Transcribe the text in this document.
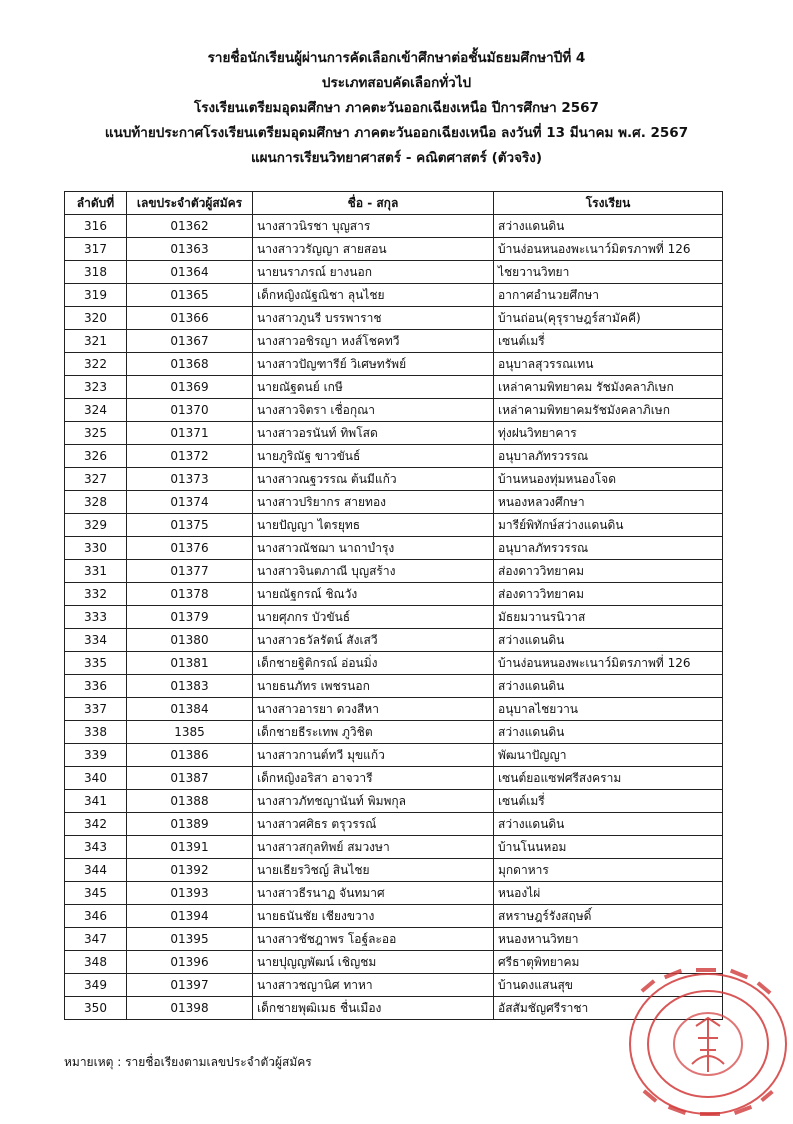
รายชื่อนักเรียนผู้ผ่านการคัดเลือกเข้าศึกษาต่อชั้นมัธยมศึกษาปีที่ 4
ประเภทสอบคัดเลือกทั่วไป
โรงเรียนเตรียมอุดมศึกษา ภาคตะวันออกเฉียงเหนือ ปีการศึกษา 2567
แนบท้ายประกาศโรงเรียนเตรียมอุดมศึกษา ภาคตะวันออกเฉียงเหนือ ลงวันที่ 13 มีนาคม พ.ศ. 2567
แผนการเรียนวิทยาศาสตร์ - คณิตศาสตร์ (ตัวจริง)
ลำดับที่	เลขประจำตัวผู้สมัคร	ชื่อ - สกุล	โรงเรียน
316	01362	นางสาวนิรชา บุญสาร	สว่างแดนดิน
317	01363	นางสาววรัญญา สายสอน	บ้านง่อนหนองพะเนาว์มิตรภาพที่ 126
318	01364	นายนราภรณ์ ยางนอก	ไชยวานวิทยา
319	01365	เด็กหญิงณัฐณิชา ลุนไชย	อากาศอำนวยศึกษา
320	01366	นางสาวภูนรี บรรพาราช	บ้านถ่อน(คุรุราษฎร์สามัคคี)
321	01367	นางสาวอชิรญา หงส์โชคทวี	เซนต์เมรี่
322	01368	นางสาวปัญฑารีย์ วิเศษทรัพย์	อนุบาลสุวรรณเทน
323	01369	นายณัฐดนย์ เกษี	เหล่าคามพิทยาคม รัชมังคลาภิเษก
324	01370	นางสาวจิตรา เชื่อกุณา	เหล่าคามพิทยาคมรัชมังคลาภิเษก
325	01371	นางสาวอรนันท์ ทิพโสด	ทุ่งฝนวิทยาคาร
326	01372	นายภูริณัฐ ขาวขันธ์	อนุบาลภัทรวรรณ
327	01373	นางสาวณฐวรรณ ต้นมีแก้ว	บ้านหนองทุ่มหนองโจด
328	01374	นางสาวปริยากร สายทอง	หนองหลวงศึกษา
329	01375	นายปัญญา ไตรยุทธ	มารีย์พิทักษ์สว่างแดนดิน
330	01376	นางสาวณัชฌา นาถาบำรุง	อนุบาลภัทรวรรณ
331	01377	นางสาวจินตภาณี บุญสร้าง	ส่องดาววิทยาคม
332	01378	นายณัฐกรณ์ ชิณวัง	ส่องดาววิทยาคม
333	01379	นายศุภกร บัวขันธ์	มัธยมวานรนิวาส
334	01380	นางสาวธวัลรัตน์ สังเสวี	สว่างแดนดิน
335	01381	เด็กชายฐิติกรณ์ อ่อนมิ่ง	บ้านง่อนหนองพะเนาว์มิตรภาพที่ 126
336	01383	นายธนภัทร เพชรนอก	สว่างแดนดิน
337	01384	นางสาวอารยา ดวงสีหา	อนุบาลไชยวาน
338	1385	เด็กชายธีระเทพ ภูวิชิต	สว่างแดนดิน
339	01386	นางสาวกานต์ทวี มุขแก้ว	พัฒนาปัญญา
340	01387	เด็กหญิงอริสา อาจวารี	เซนต์ยอแซฟศรีสงคราม
341	01388	นางสาวภัทชญานันท์ พิมพกุล	เซนต์เมรี่
342	01389	นางสาวศศิธร ตรุวรรณ์	สว่างแดนดิน
343	01391	นางสาวสกุลทิพย์ สมวงษา	บ้านโนนหอม
344	01392	นายเธียรวิชญ์ สินไชย	มุกดาหาร
345	01393	นางสาวธีรนาฏ จันทมาศ	หนองไผ่
346	01394	นายธนันชัย เชียงขวาง	สหราษฎร์รังสฤษดิ์
347	01395	นางสาวชัชฎาพร โอฐ์ละออ	หนองหานวิทยา
348	01396	นายปุญญพัฒน์ เชิญชม	ศรีธาตุพิทยาคม
349	01397	นางสาวชญานิศ ทาหา	บ้านดงแสนสุข
350	01398	เด็กชายพุฒิเมธ ชื่นเมือง	อัสสัมชัญศรีราชา
หมายเหตุ : รายชื่อเรียงตามเลขประจำตัวผู้สมัคร
